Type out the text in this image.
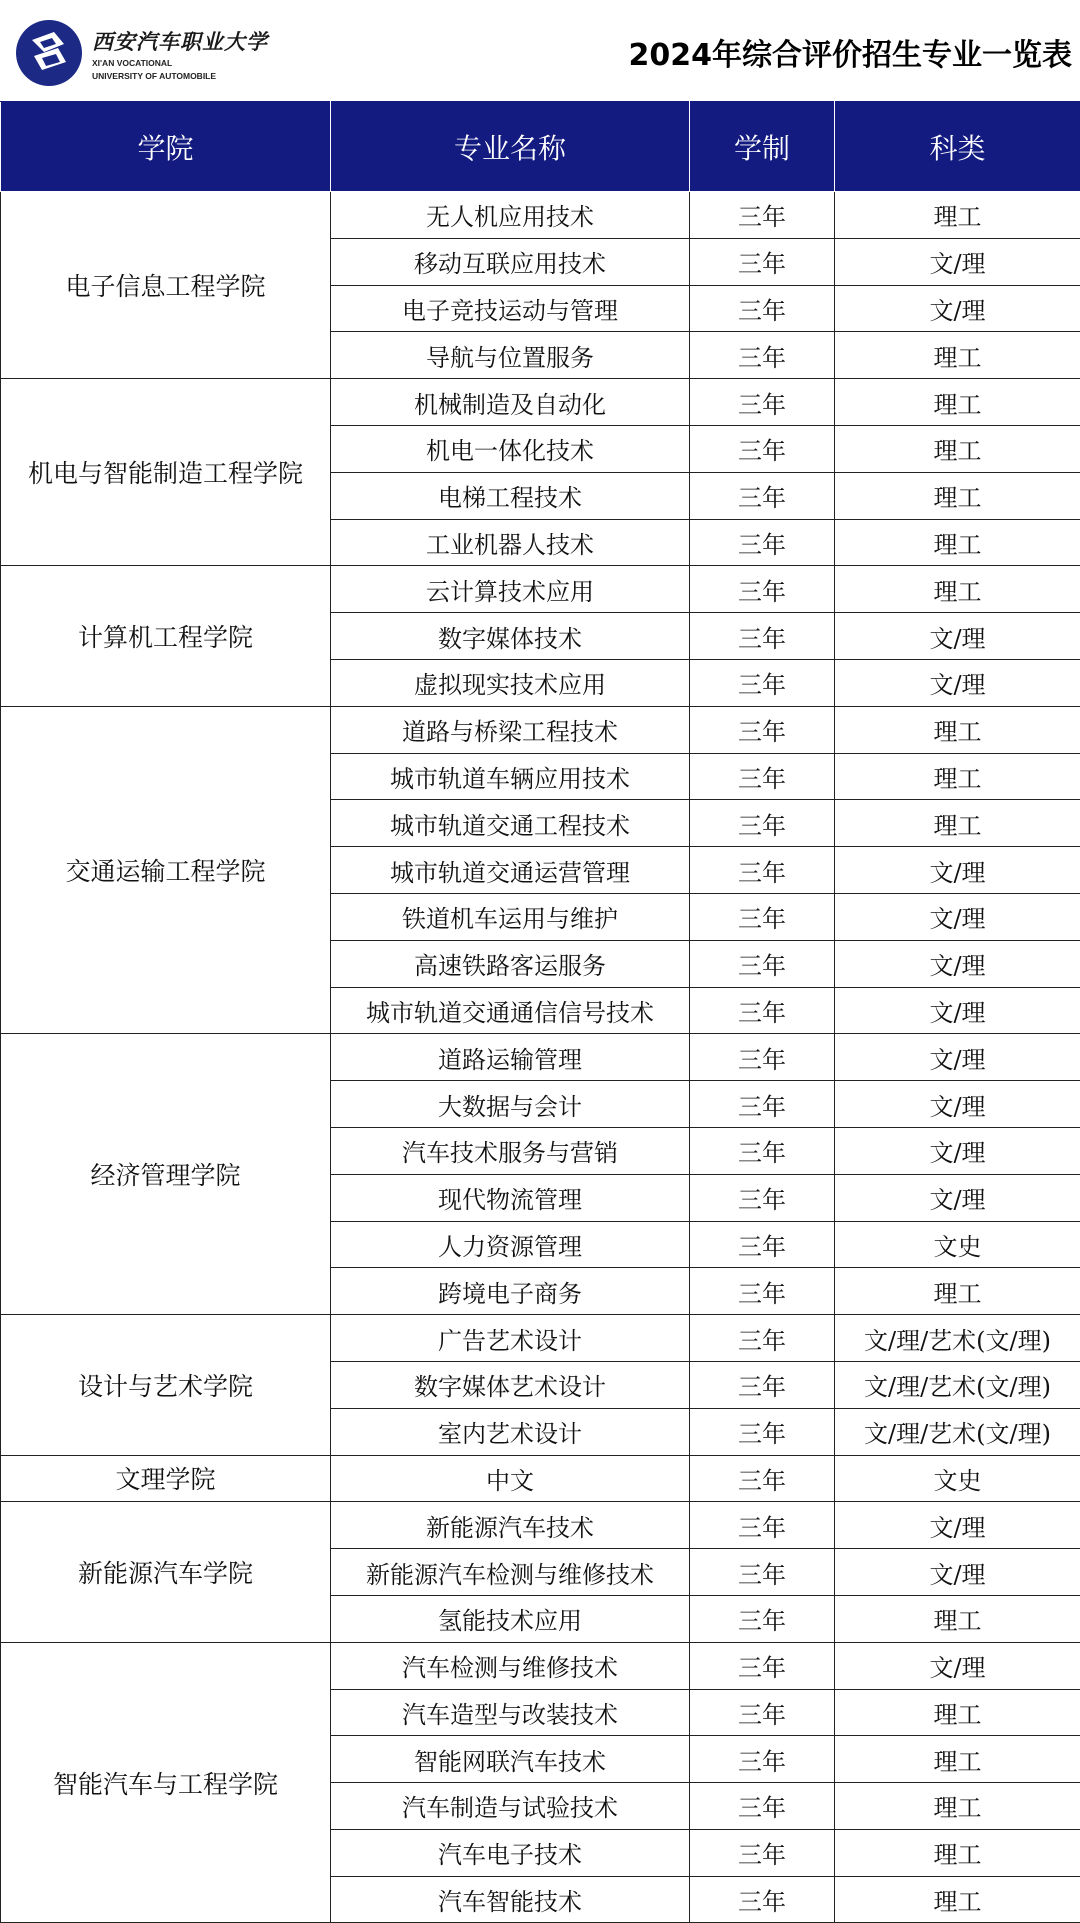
西安汽车职业大学
XI'AN VOCATIONAL
UNIVERSITY OF AUTOMOBILE
2024年综合评价招生专业一览表
学院	专业名称	学制	科类
电子信息工程学院	无人机应用技术	三年	理工
	移动互联应用技术	三年	文/理
	电子竞技运动与管理	三年	文/理
	导航与位置服务	三年	理工
机电与智能制造工程学院	机械制造及自动化	三年	理工
	机电一体化技术	三年	理工
	电梯工程技术	三年	理工
	工业机器人技术	三年	理工
计算机工程学院	云计算技术应用	三年	理工
	数字媒体技术	三年	文/理
	虚拟现实技术应用	三年	文/理
交通运输工程学院	道路与桥梁工程技术	三年	理工
	城市轨道车辆应用技术	三年	理工
	城市轨道交通工程技术	三年	理工
	城市轨道交通运营管理	三年	文/理
	铁道机车运用与维护	三年	文/理
	高速铁路客运服务	三年	文/理
	城市轨道交通通信信号技术	三年	文/理
经济管理学院	道路运输管理	三年	文/理
	大数据与会计	三年	文/理
	汽车技术服务与营销	三年	文/理
	现代物流管理	三年	文/理
	人力资源管理	三年	文史
	跨境电子商务	三年	理工
设计与艺术学院	广告艺术设计	三年	文/理/艺术(文/理)
	数字媒体艺术设计	三年	文/理/艺术(文/理)
	室内艺术设计	三年	文/理/艺术(文/理)
文理学院	中文	三年	文史
新能源汽车学院	新能源汽车技术	三年	文/理
	新能源汽车检测与维修技术	三年	文/理
	氢能技术应用	三年	理工
智能汽车与工程学院	汽车检测与维修技术	三年	文/理
	汽车造型与改装技术	三年	理工
	智能网联汽车技术	三年	理工
	汽车制造与试验技术	三年	理工
	汽车电子技术	三年	理工
	汽车智能技术	三年	理工
